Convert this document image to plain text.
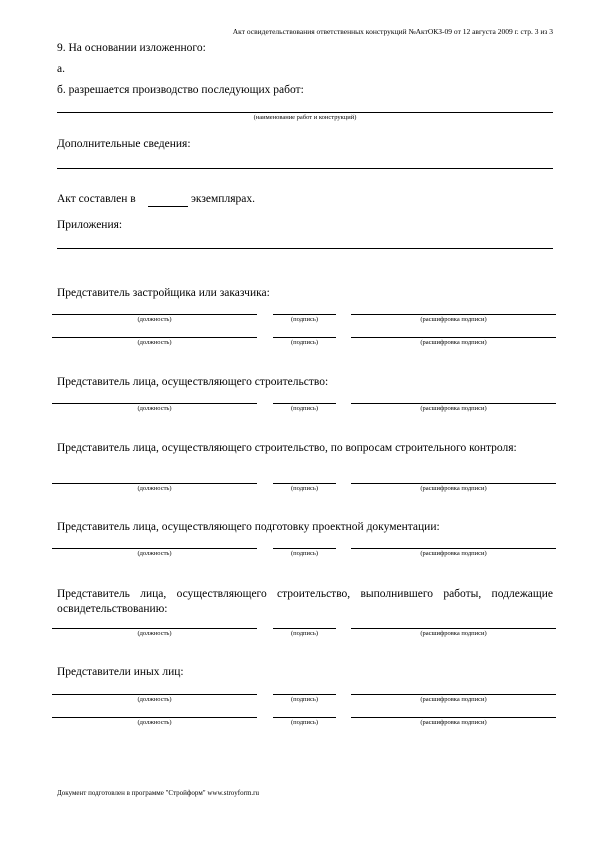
Акт освидетельствования ответственных конструкций №АктОКЗ-09 от 12 августа 2009 г. стр. 3 из 3
9. На основании изложенного:
а.
б. разрешается производство последующих работ:
(наименование работ и конструкций)
Дополнительные сведения:
Акт составлен в	экземплярах.
Приложения:
Представитель застройщика или заказчика:
(должность)	(подпись)	(расшифровка подписи)
(должность)	(подпись)	(расшифровка подписи)
Представитель лица, осуществляющего строительство:
(должность)	(подпись)	(расшифровка подписи)
Представитель лица, осуществляющего строительство, по вопросам строительного контроля:
(должность)	(подпись)	(расшифровка подписи)
Представитель лица, осуществляющего подготовку проектной документации:
(должность)	(подпись)	(расшифровка подписи)
Представитель лица, осуществляющего строительство, выполнившего работы, подлежащие освидетельствованию:
(должность)	(подпись)	(расшифровка подписи)
Представители иных лиц:
(должность)	(подпись)	(расшифровка подписи)
(должность)	(подпись)	(расшифровка подписи)
Документ подготовлен в программе "Стройформ" www.stroyform.ru
